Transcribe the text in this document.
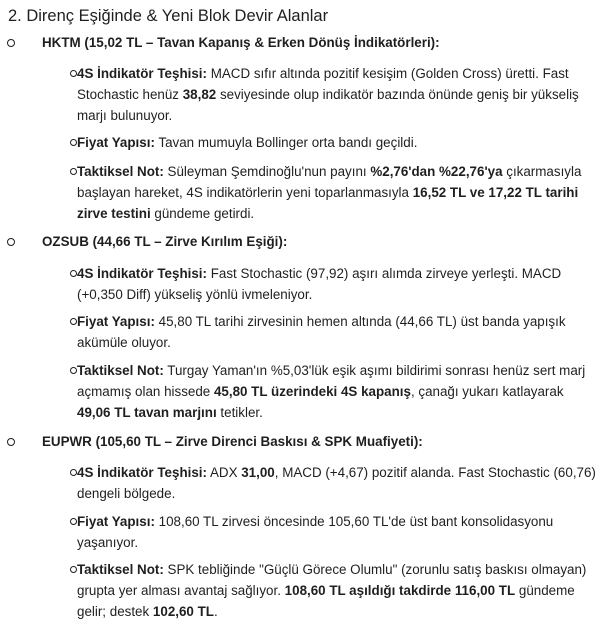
2. Direnç Eşiğinde & Yeni Blok Devir Alanlar
HKTM (15,02 TL – Tavan Kapanış & Erken Dönüş İndikatörleri):
4S İndikatör Teşhisi: MACD sıfır altında pozitif kesişim (Golden Cross) üretti. Fast
Stochastic henüz 38,82 seviyesinde olup indikatör bazında önünde geniş bir yükseliş
marjı bulunuyor.
Fiyat Yapısı: Tavan mumuyla Bollinger orta bandı geçildi.
Taktiksel Not: Süleyman Şemdinoğlu'nun payını %2,76'dan %22,76'ya çıkarmasıyla
başlayan hareket, 4S indikatörlerin yeni toparlanmasıyla 16,52 TL ve 17,22 TL tarihi
zirve testini gündeme getirdi.
OZSUB (44,66 TL – Zirve Kırılım Eşiği):
4S İndikatör Teşhisi: Fast Stochastic (97,92) aşırı alımda zirveye yerleşti. MACD
(+0,350 Diff) yükseliş yönlü ivmeleniyor.
Fiyat Yapısı: 45,80 TL tarihi zirvesinin hemen altında (44,66 TL) üst banda yapışık
akümüle oluyor.
Taktiksel Not: Turgay Yaman'ın %5,03'lük eşik aşımı bildirimi sonrası henüz sert marj
açmamış olan hissede 45,80 TL üzerindeki 4S kapanış, çanağı yukarı katlayarak
49,06 TL tavan marjını tetikler.
EUPWR (105,60 TL – Zirve Direnci Baskısı & SPK Muafiyeti):
4S İndikatör Teşhisi: ADX 31,00, MACD (+4,67) pozitif alanda. Fast Stochastic (60,76)
dengeli bölgede.
Fiyat Yapısı: 108,60 TL zirvesi öncesinde 105,60 TL'de üst bant konsolidasyonu
yaşanıyor.
Taktiksel Not: SPK tebliğinde "Güçlü Görece Olumlu" (zorunlu satış baskısı olmayan)
grupta yer alması avantaj sağlıyor. 108,60 TL aşıldığı takdirde 116,00 TL gündeme
gelir; destek 102,60 TL.
